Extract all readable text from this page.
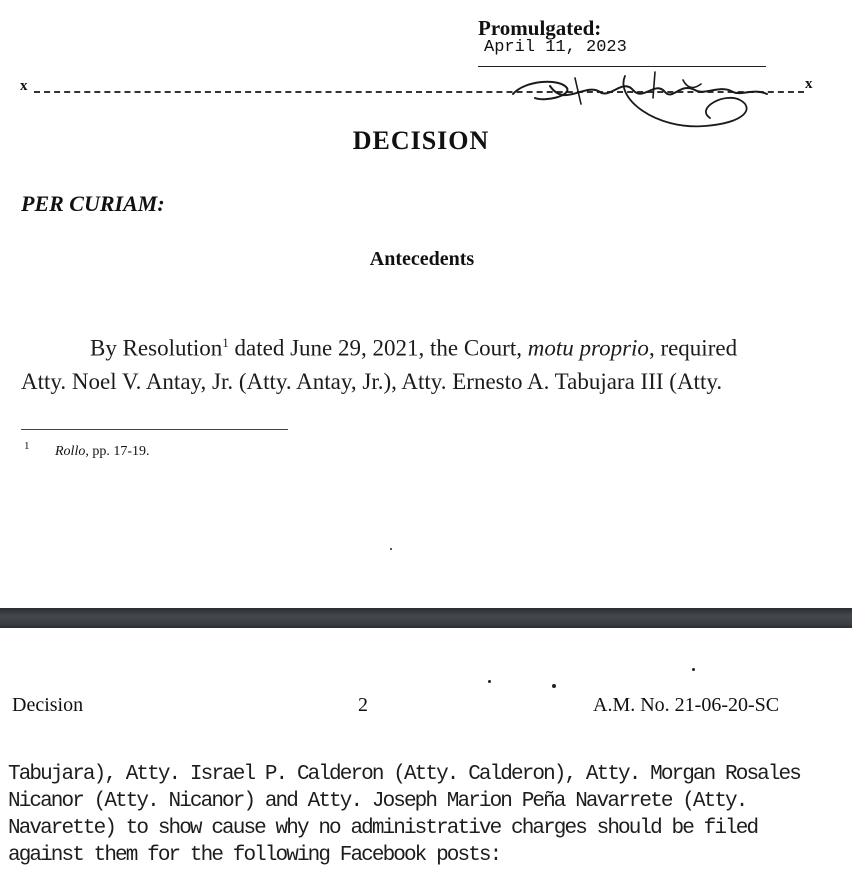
Promulgated:
April 11, 2023
x	x
DECISION
PER CURIAM:
Antecedents
By Resolution$^1$ dated June 29, 2021, the Court, motu proprio, required
Atty. Noel V. Antay, Jr. (Atty. Antay, Jr.), Atty. Ernesto A. Tabujara III (Atty.
1 Rollo, pp. 17-19.
Decision	2	A.M. No. 21-06-20-SC
Tabujara), Atty. Israel P. Calderon (Atty. Calderon), Atty. Morgan Rosales
Nicanor (Atty. Nicanor) and Atty. Joseph Marion Peña Navarrete (Atty.
Navarette) to show cause why no administrative charges should be filed
against them for the following Facebook posts:
